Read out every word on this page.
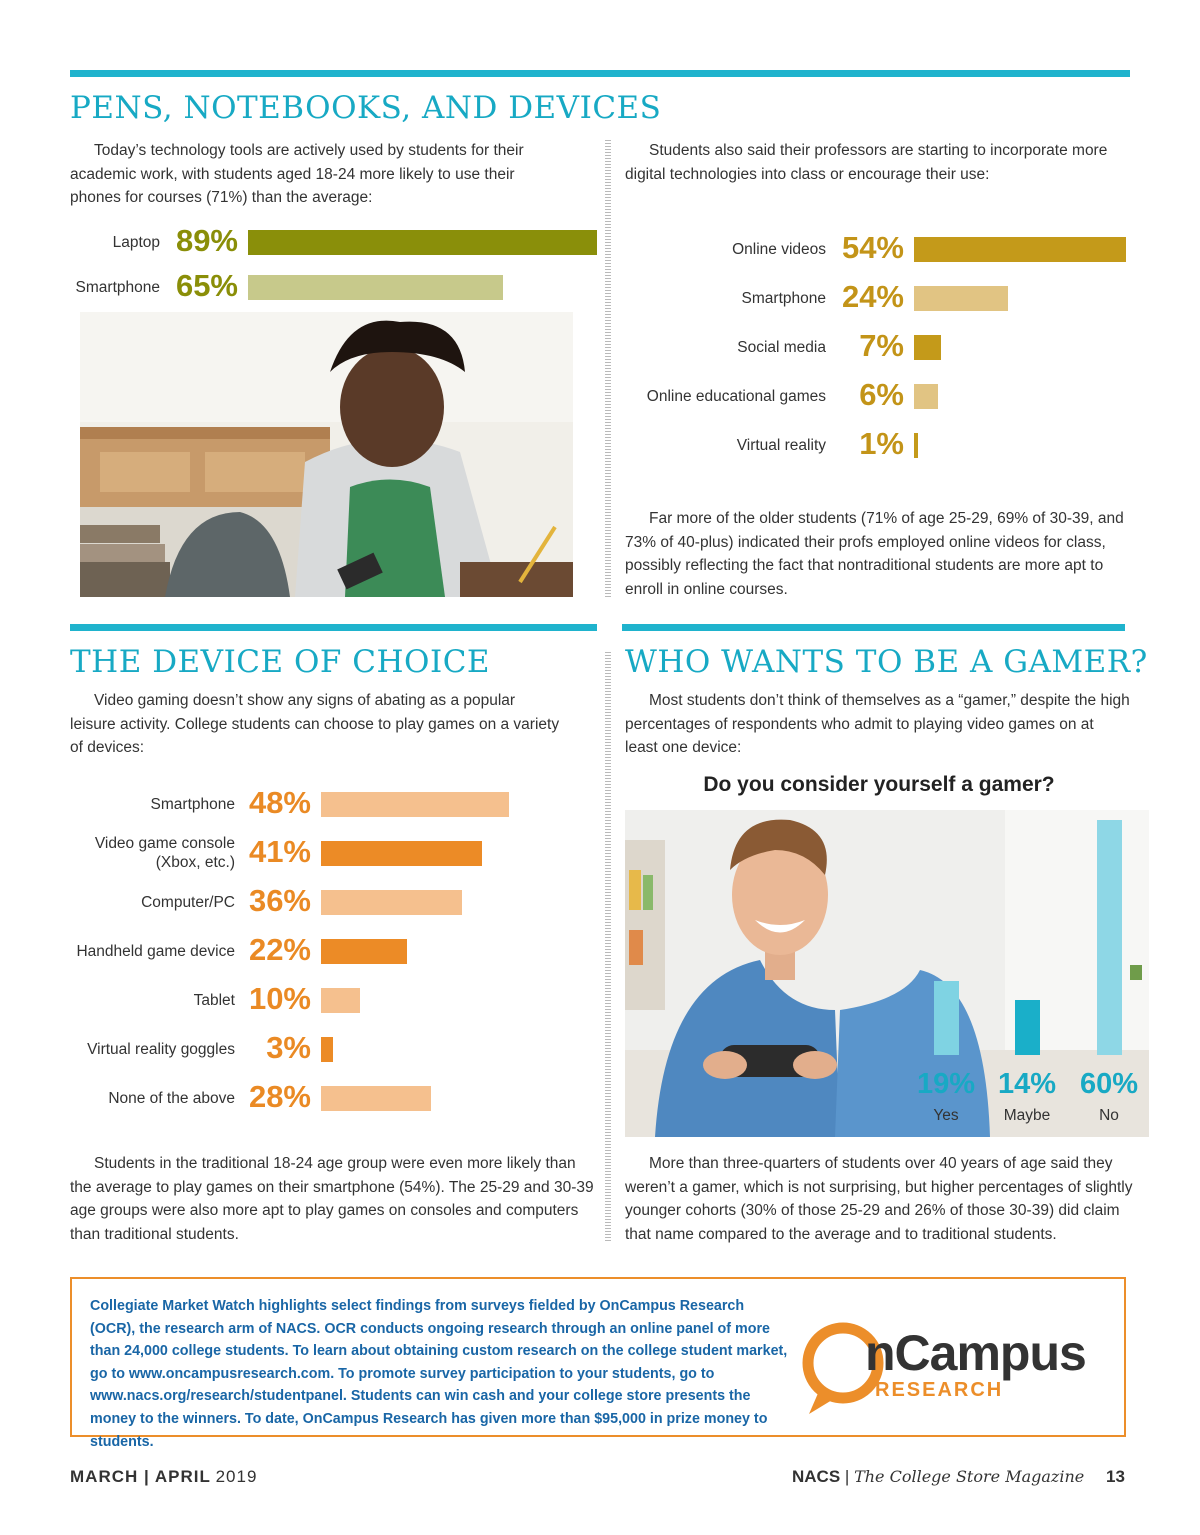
PENS, NOTEBOOKS, AND DEVICES
Today’s technology tools are actively used by students for their academic work, with students aged 18-24 more likely to use their phones for courses (71%) than the average:
Laptop 89%
Smartphone 65%

Students also said their professors are starting to incorporate more digital technologies into class or encourage their use:
Online videos 54%
Smartphone 24%
Social media	7%
Online educational games	6%
Virtual reality	1%
Far more of the older students (71% of age 25-29, 69% of 30-39, and 73% of 40-plus) indicated their profs employed online videos for class, possibly reflecting the fact that nontraditional students are more apt to enroll in online courses.
THE DEVICE OF CHOICE
Video gaming doesn’t show any signs of abating as a popular leisure activity. College students can choose to play games on a variety of devices:
Smartphone 48%
Video game console
(Xbox, etc.) 41%
Computer/PC 36%
Handheld game device 22%
Tablet 10%
Virtual reality goggles	3%
None of the above 28%
Students in the traditional 18-24 age group were even more likely than the average to play games on their smartphone (54%). The 25-29 and 30-39 age groups were also more apt to play games on consoles and computers than traditional students.
WHO WANTS TO BE A GAMER?
Most students don’t think of themselves as a “gamer,” despite the high percentages of respondents who admit to playing video games on at least one device:
Do you consider yourself a gamer?
19%
Yes
14%
Maybe
60%
No
More than three-quarters of students over 40 years of age said they weren’t a gamer, which is not surprising, but higher percentages of slightly younger cohorts (30% of those 25-29 and 26% of those 30-39) did claim that name compared to the average and to traditional students.
Collegiate Market Watch highlights select findings from surveys fielded by OnCampus Research (OCR), the research arm of NACS. OCR conducts ongoing research through an online panel of more than 24,000 college students. To learn about obtaining custom research on the college student market, go to www.oncampusresearch.com. To promote survey participation to your students, go to www.nacs.org/research/studentpanel. Students can win cash and your college store presents the money to the winners. To date, OnCampus Research has given more than $95,000 in prize money to students.
nCampus
RESEARCH
MARCH | APRIL 2019	NACS | The College Store Magazine 13
